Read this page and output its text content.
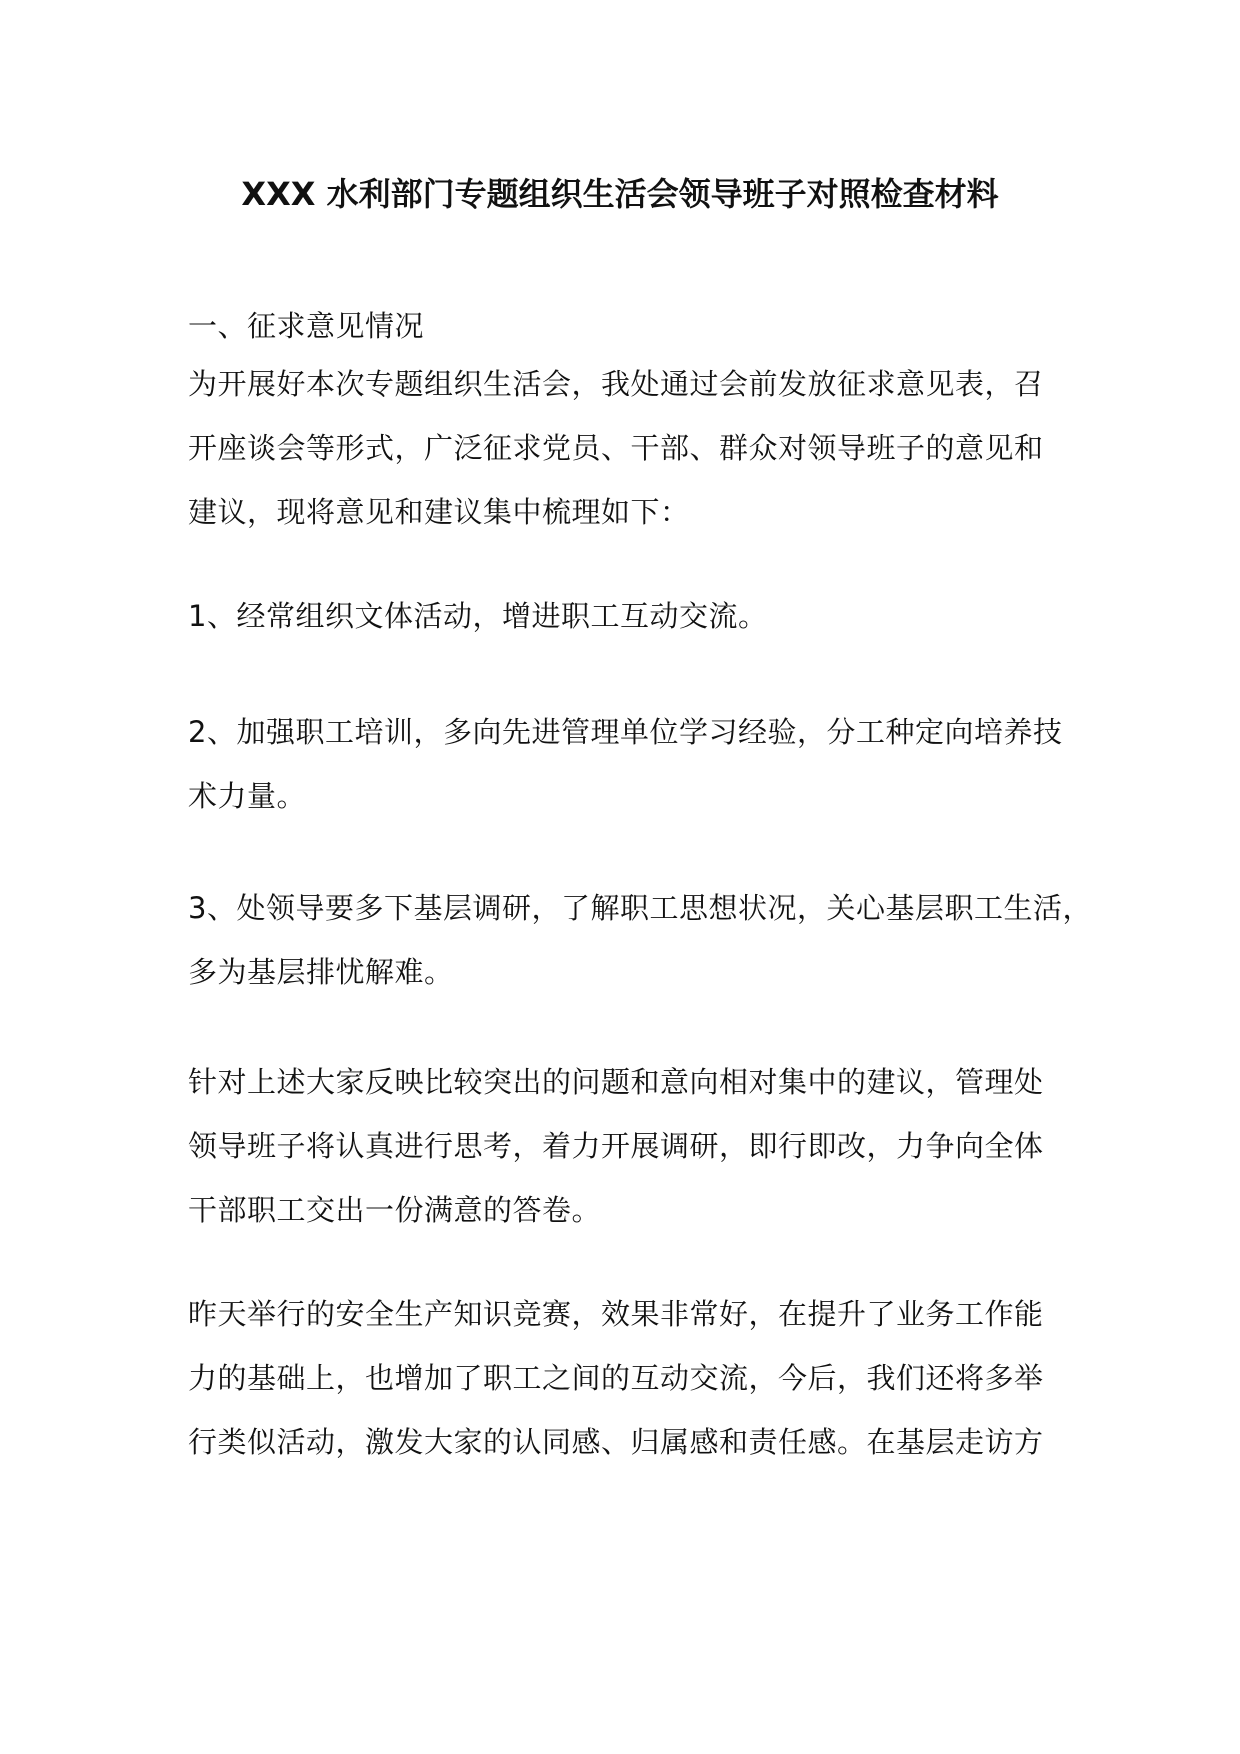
XXX 水利部门专题组织生活会领导班子对照检查材料

一、征求意见情况

为开展好本次专题组织生活会，我处通过会前发放征求意见表，召
开座谈会等形式，广泛征求党员、干部、群众对领导班子的意见和
建议，现将意见和建议集中梳理如下：

1、经常组织文体活动，增进职工互动交流。

2、加强职工培训，多向先进管理单位学习经验，分工种定向培养技
术力量。

3、处领导要多下基层调研，了解职工思想状况，关心基层职工生活，
多为基层排忧解难。

针对上述大家反映比较突出的问题和意向相对集中的建议，管理处
领导班子将认真进行思考，着力开展调研，即行即改，力争向全体
干部职工交出一份满意的答卷。

昨天举行的安全生产知识竞赛，效果非常好，在提升了业务工作能
力的基础上，也增加了职工之间的互动交流，今后，我们还将多举
行类似活动，激发大家的认同感、归属感和责任感。在基层走访方
